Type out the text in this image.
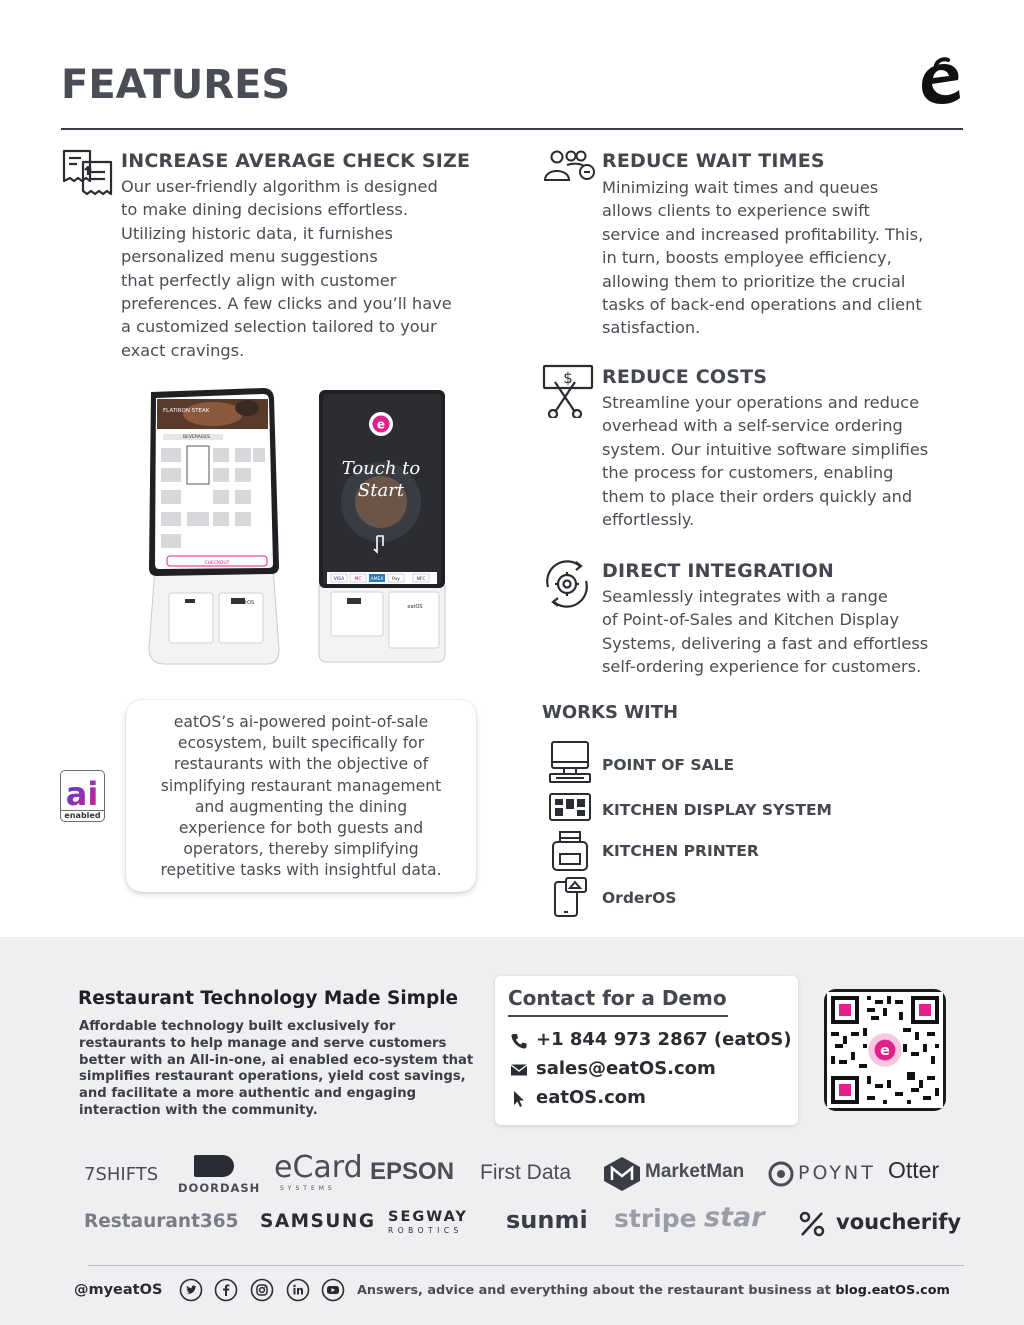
FEATURES
INCREASE AVERAGE CHECK SIZE
Our user-friendly algorithm is designed
to make dining decisions effortless.
Utilizing historic data, it furnishes
personalized menu suggestions
that perfectly align with customer
preferences. A few clicks and you’ll have
a customized selection tailored to your
exact cravings.
REDUCE WAIT TIMES
Minimizing wait times and queues
allows clients to experience swift
service and increased profitability. This,
in turn, boosts employee efficiency,
allowing them to prioritize the crucial
tasks of back-end operations and client
satisfaction.
$ REDUCE COSTS
Streamline your operations and reduce
overhead with a self-service ordering
system. Our intuitive software simplifies
the process for customers, enabling
them to place their orders quickly and
effortlessly.
DIRECT INTEGRATION
Seamlessly integrates with a range
of Point-of-Sales and Kitchen Display
Systems, delivering a fast and effortless
self-ordering experience for customers.
FLATIRON STEAK
BEVERAGES
CHECKOUT
eatOS
e
Touch to
Start
VISA MC AMEX Pay	NFC
eatOS
ai
enabled
eatOS’s ai-powered point-of-sale
ecosystem, built specifically for
restaurants with the objective of
simplifying restaurant management
and augmenting the dining
experience for both guests and
operators, thereby simplifying
repetitive tasks with insightful data.
WORKS WITH
POINT OF SALE
KITCHEN DISPLAY SYSTEM
KITCHEN PRINTER
OrderOS
Restaurant Technology Made Simple
Affordable technology built exclusively for restaurants to help manage and serve customers better with an All-in-one, ai enabled eco-system that simplifies restaurant operations, yield cost savings, and facilitate a more authentic and engaging interaction with the community.
Contact for a Demo
+1 844 973 2867 (eatOS)
sales@eatOS.com
eatOS.com
e
7SHIFTS
DOORDASH
eCard
SYSTEMS
EPSON First Data	MarketMan	POYNT Otter
Restaurant365 SAMSUNG SEGWAY
ROBOTICS sunmi stripe star	voucherify
@myeatOS	Answers, advice and everything about the restaurant business at blog.eatOS.com
